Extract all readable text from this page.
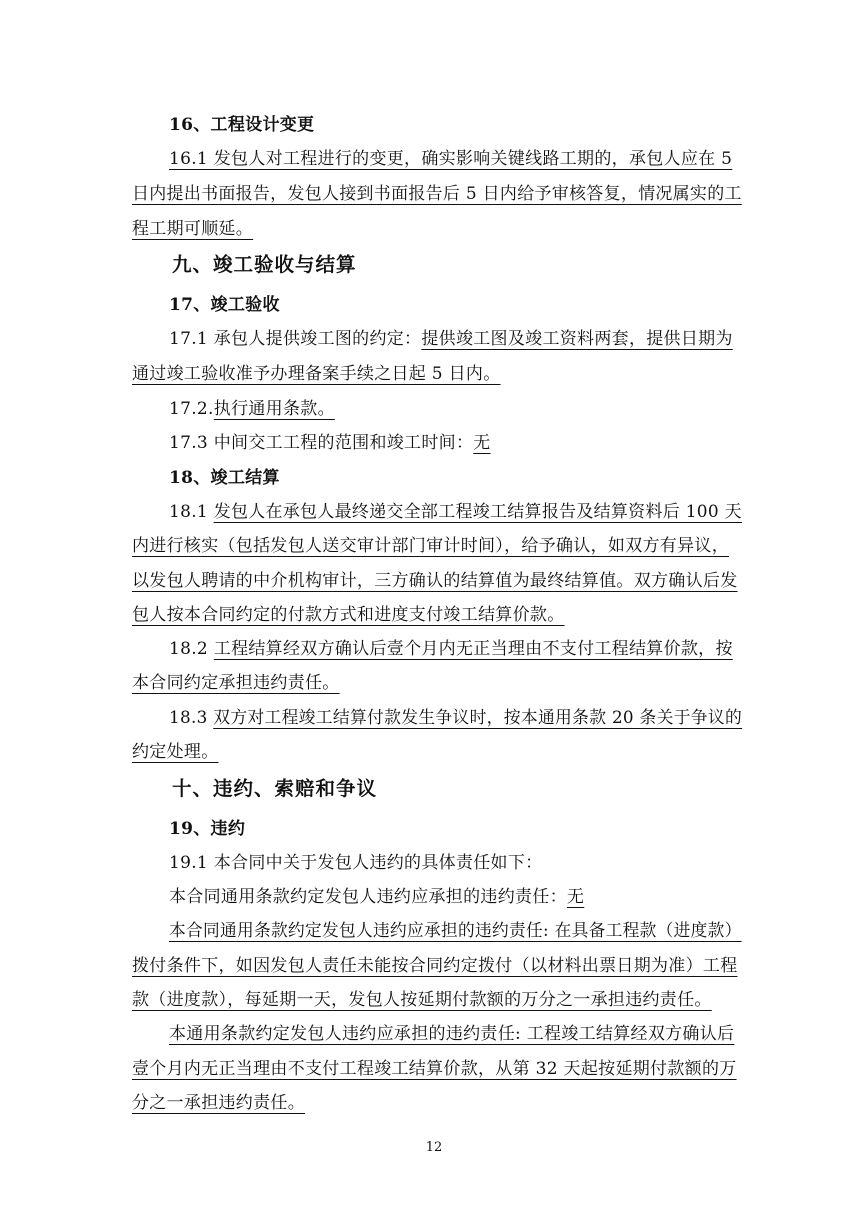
16、工程设计变更
16.1 发包人对工程进行的变更，确实影响关键线路工期的，承包人应在 5
日内提出书面报告，发包人接到书面报告后 5 日内给予审核答复，情况属实的工
程工期可顺延。
九、竣工验收与结算
17、竣工验收
17.1 承包人提供竣工图的约定：提供竣工图及竣工资料两套，提供日期为
通过竣工验收准予办理备案手续之日起 5 日内。
17.2.执行通用条款。
17.3 中间交工工程的范围和竣工时间：无
18、竣工结算
18.1 发包人在承包人最终递交全部工程竣工结算报告及结算资料后 100 天
内进行核实（包括发包人送交审计部门审计时间），给予确认，如双方有异议，
以发包人聘请的中介机构审计，三方确认的结算值为最终结算值。双方确认后发
包人按本合同约定的付款方式和进度支付竣工结算价款。
18.2 工程结算经双方确认后壹个月内无正当理由不支付工程结算价款，按
本合同约定承担违约责任。
18.3 双方对工程竣工结算付款发生争议时，按本通用条款 20 条关于争议的
约定处理。
十、违约、索赔和争议
19、违约
19.1 本合同中关于发包人违约的具体责任如下：
本合同通用条款约定发包人违约应承担的违约责任：无
本合同通用条款约定发包人违约应承担的违约责任: 在具备工程款（进度款）
拨付条件下，如因发包人责任未能按合同约定拨付（以材料出票日期为准）工程
款（进度款），每延期一天，发包人按延期付款额的万分之一承担违约责任。
本通用条款约定发包人违约应承担的违约责任: 工程竣工结算经双方确认后
壹个月内无正当理由不支付工程竣工结算价款，从第 32 天起按延期付款额的万
分之一承担违约责任。
12
